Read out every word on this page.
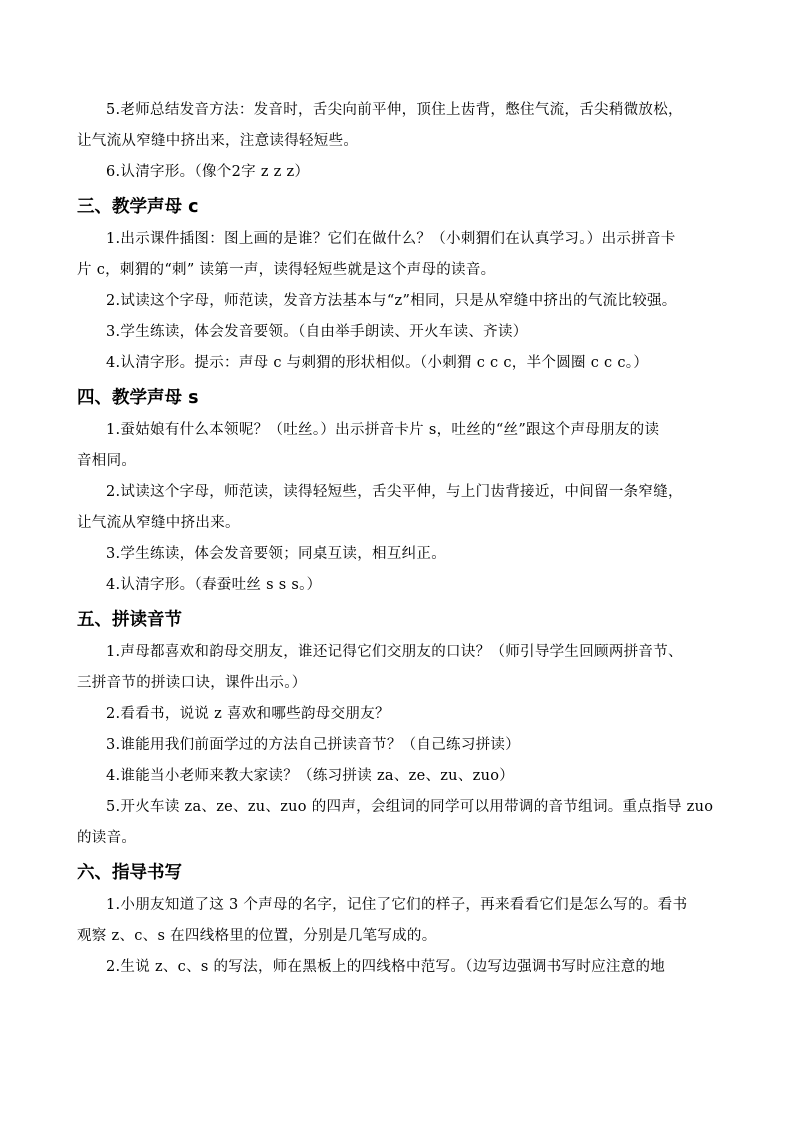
5.老师总结发音方法：发音时，舌尖向前平伸，顶住上齿背，憋住气流，舌尖稍微放松，

让气流从窄缝中挤出来，注意读得轻短些。

6.认清字形。（像个2字 z z z）

三、教学声母 c

1.出示课件插图：图上画的是谁？它们在做什么？（小刺猬们在认真学习。）出示拼音卡

片 c，刺猬的“刺” 读第一声，读得轻短些就是这个声母的读音。

2.试读这个字母，师范读，发音方法基本与“z”相同，只是从窄缝中挤出的气流比较强。

3.学生练读，体会发音要领。（自由举手朗读、开火车读、齐读）

4.认清字形。提示：声母 c 与刺猬的形状相似。（小刺猬 c c c，半个圆圈 c c c。）

四、教学声母 s

1.蚕姑娘有什么本领呢？（吐丝。）出示拼音卡片 s，吐丝的“丝”跟这个声母朋友的读

音相同。

2.试读这个字母，师范读，读得轻短些，舌尖平伸，与上门齿背接近，中间留一条窄缝，

让气流从窄缝中挤出来。

3.学生练读，体会发音要领；同桌互读，相互纠正。

4.认清字形。（春蚕吐丝 s s s。）

五、拼读音节

1.声母都喜欢和韵母交朋友，谁还记得它们交朋友的口诀？（师引导学生回顾两拼音节、

三拼音节的拼读口诀，课件出示。）

2.看看书，说说 z 喜欢和哪些韵母交朋友？

3.谁能用我们前面学过的方法自己拼读音节？（自己练习拼读）

4.谁能当小老师来教大家读？（练习拼读 za、ze、zu、zuo）

5.开火车读 za、ze、zu、zuo 的四声，会组词的同学可以用带调的音节组词。重点指导 zuo

的读音。

六、指导书写

1.小朋友知道了这 3 个声母的名字，记住了它们的样子，再来看看它们是怎么写的。看书

观察 z、c、s 在四线格里的位置，分别是几笔写成的。

2.生说 z、c、s 的写法，师在黑板上的四线格中范写。（边写边强调书写时应注意的地
